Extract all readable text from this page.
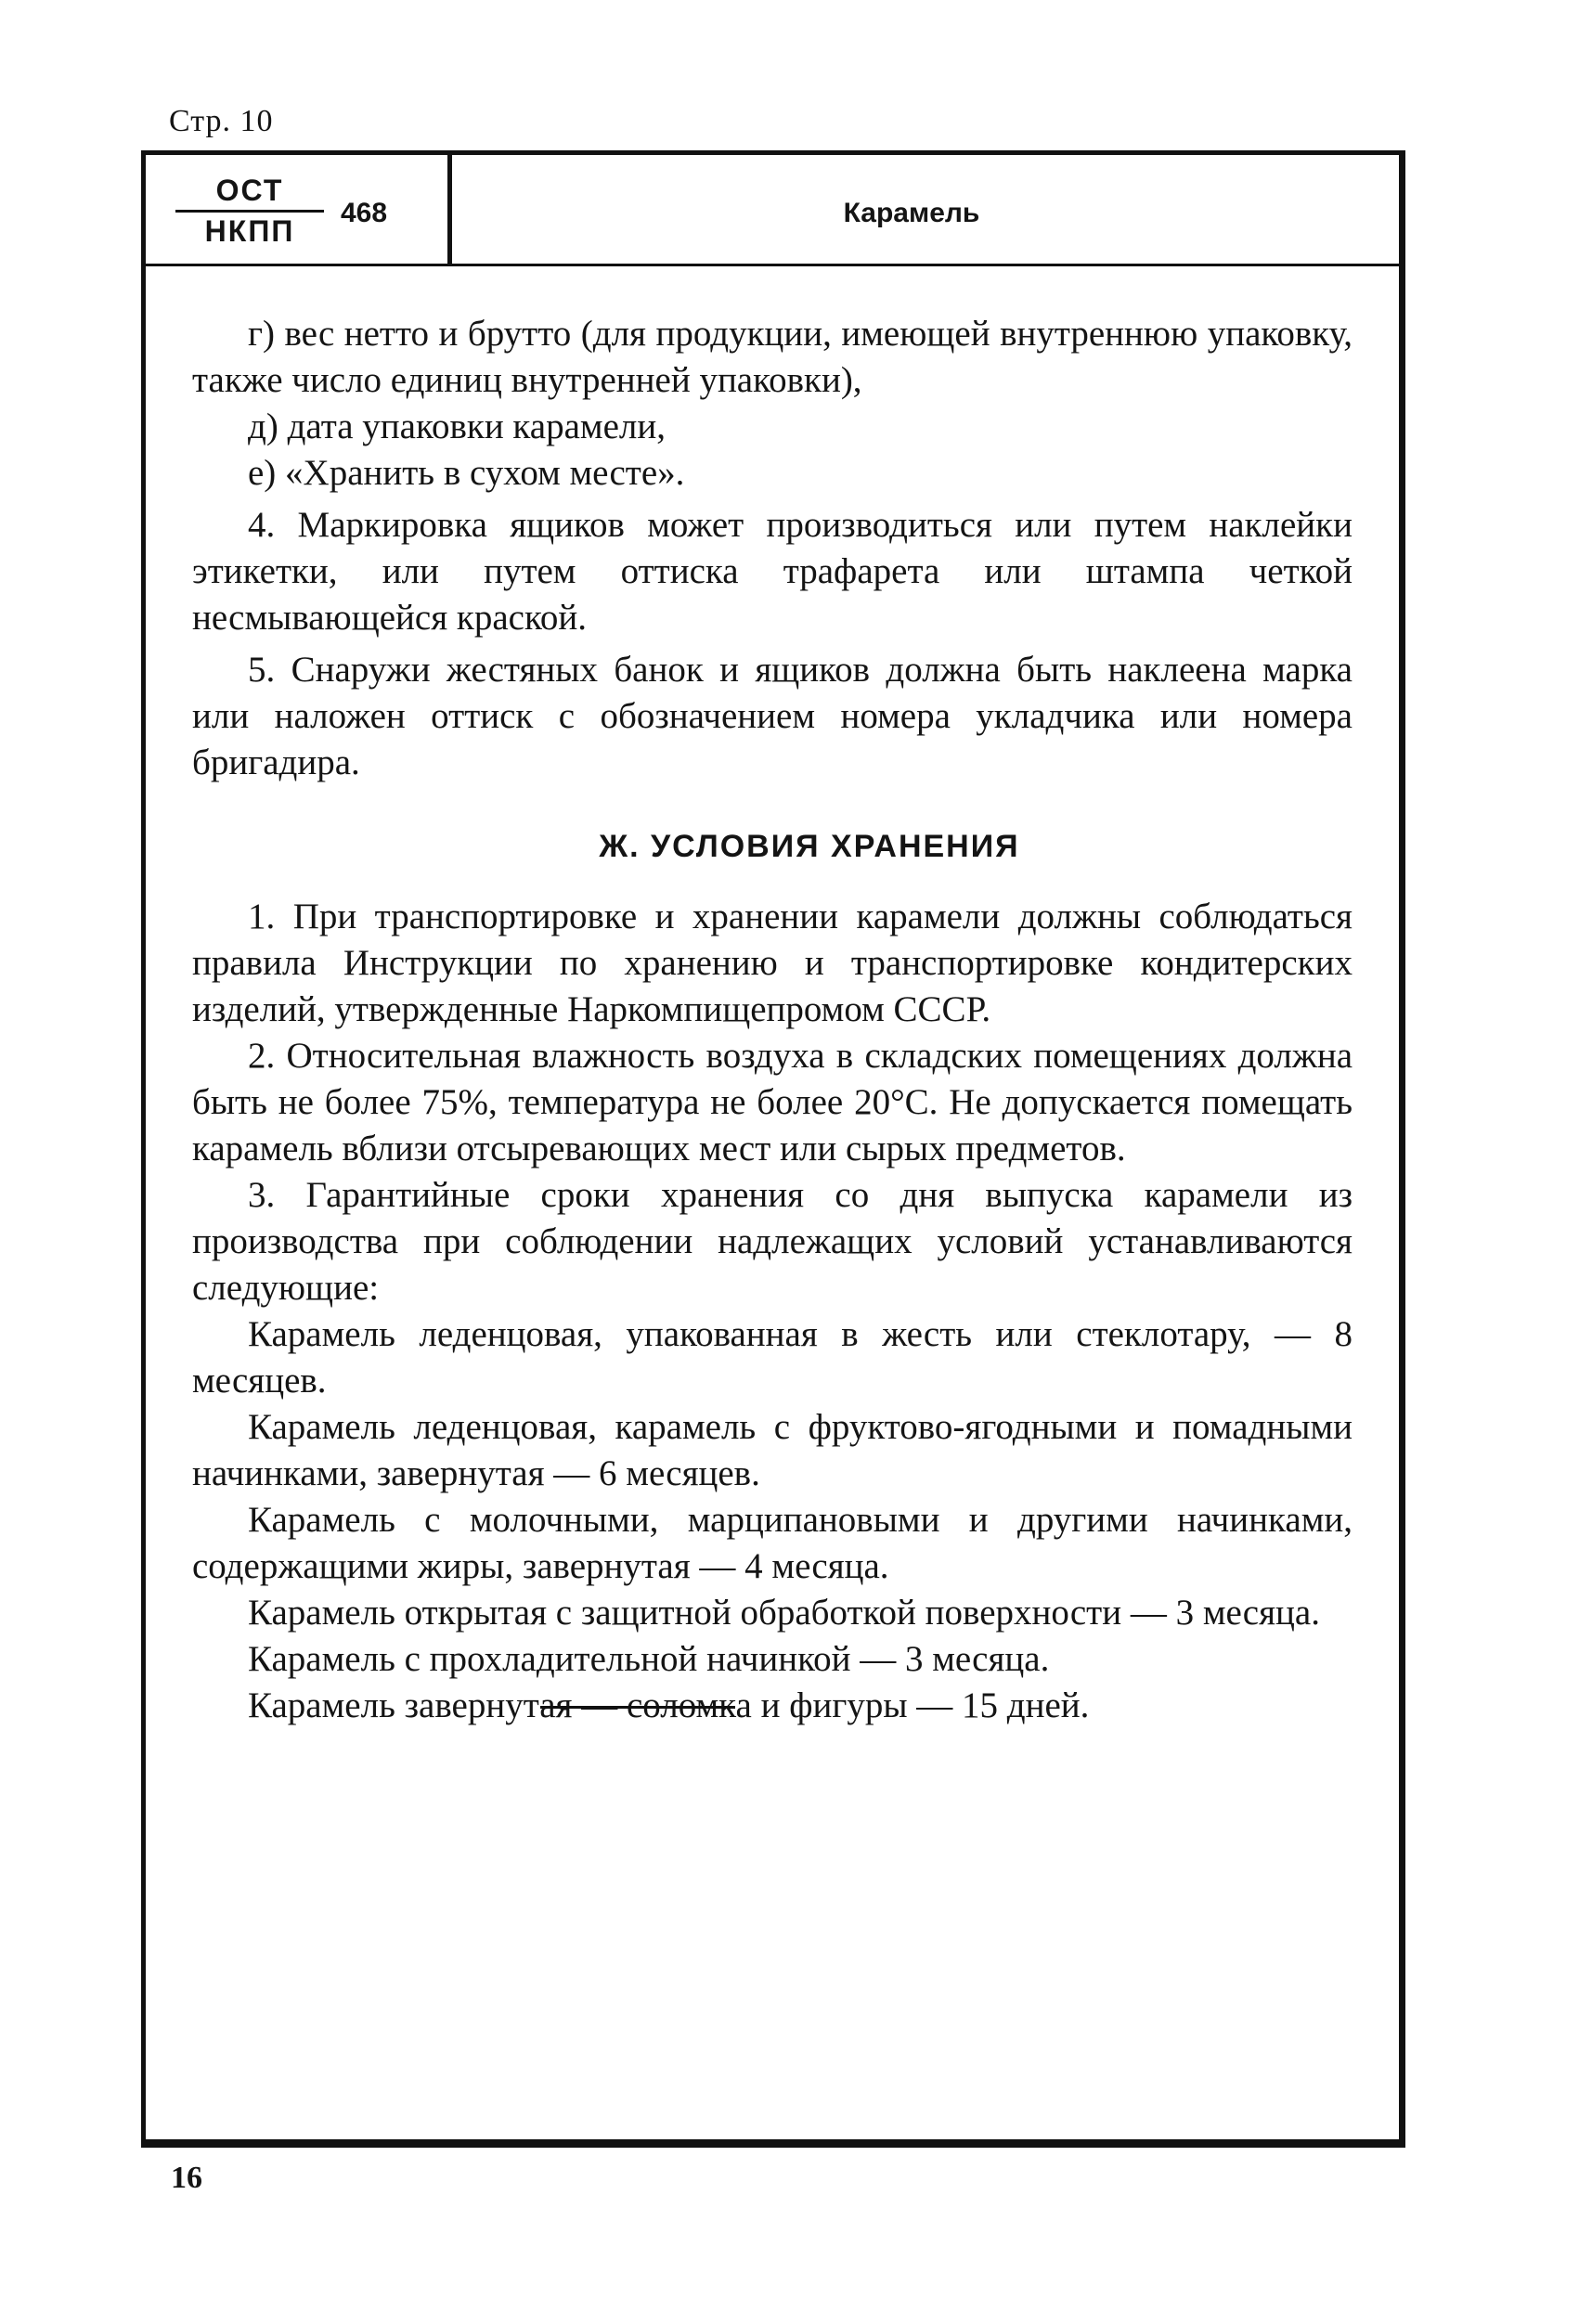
Стр. 10
ОСТ
НКПП
468	Карамель

г) вес нетто и брутто (для продукции, имеющей внутреннюю упаковку, также число единиц внутренней упаковки),

д) дата упаковки карамели,

е) «Хранить в сухом месте».

4. Маркировка ящиков может производиться или путем наклейки этикетки, или путем оттиска трафарета или штампа четкой несмывающейся краской.

5. Снаружи жестяных банок и ящиков должна быть наклеена марка или наложен оттиск с обозначением номера укладчика или номера бригадира.

Ж. УСЛОВИЯ ХРАНЕНИЯ

1. При транспортировке и хранении карамели должны соблюдаться правила Инструкции по хранению и транспортировке кондитерских изделий, утвержденные Наркомпищепромом СССР.

2. Относительная влажность воздуха в складских помещениях должна быть не более 75%, температура не более 20°С. Не допускается помещать карамель вблизи отсыревающих мест или сырых предметов.

3. Гарантийные сроки хранения со дня выпуска карамели из производства при соблюдении надлежащих условий устанавливаются следующие:

Карамель леденцовая, упакованная в жесть или стеклотару, — 8 месяцев.

Карамель леденцовая, карамель с фруктово-ягодными и помадными начинками, завернутая — 6 месяцев.

Карамель с молочными, марципановыми и другими начинками, содержащими жиры, завернутая — 4 месяца.

Карамель открытая с защитной обработкой поверхности — 3 месяца.

Карамель с прохладительной начинкой — 3 месяца.

Карамель завернутая — соломка и фигуры — 15 дней.

16
